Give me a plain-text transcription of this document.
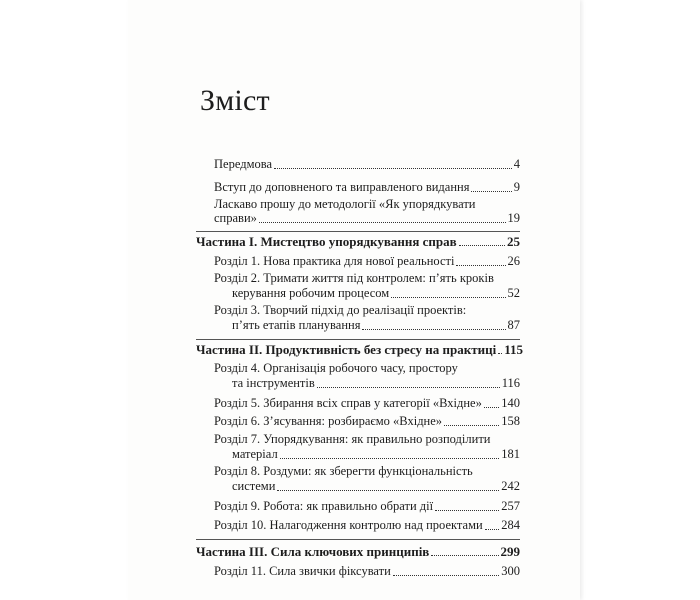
Зміст
Передмова	4
Вступ до доповненого та виправленого видання	9
Ласкаво прошу до методології «Як упорядкувати
справи»	19
Частина І. Мистецтво упорядкування справ	25
Розділ 1. Нова практика для нової реальності	26
Розділ 2. Тримати життя під контролем: п’ять кроків
керування робочим процесом	52
Розділ 3. Творчий підхід до реалізації проектів:
п’ять етапів планування	87
Частина ІІ. Продуктивність без стресу на практиці 115
Розділ 4. Організація робочого часу, простору
та інструментів	116
Розділ 5. Збирання всіх справ у категорії «Вхідне» 140
Розділ 6. З’ясування: розбираємо «Вхідне»	158
Розділ 7. Упорядкування: як правильно розподілити
матеріал	181
Розділ 8. Роздуми: як зберегти функціональність
системи	242
Розділ 9. Робота: як правильно обрати дії	257
Розділ 10. Налагодження контролю над проектами 284
Частина ІІІ. Сила ключових принципів	299
Розділ 11. Сила звички фіксувати	300
